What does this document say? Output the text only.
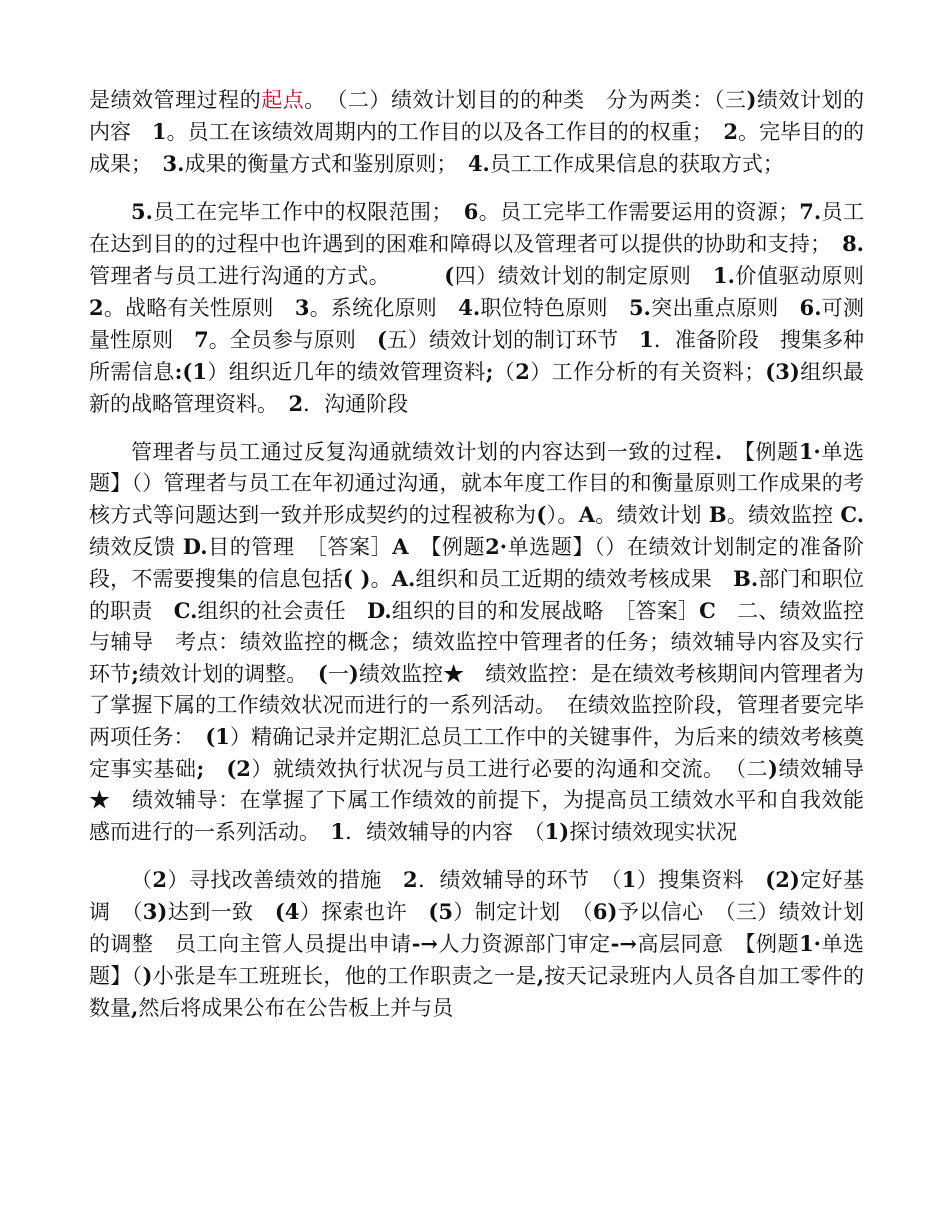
是绩效管理过程的起点。　（二）绩效计划目的的种类　分为两类：（三)绩效计划的内容　1。员工在该绩效周期内的工作目的以及各工作目的的权重；　2。完毕目的的成果；　3.成果的衡量方式和鉴别原则；　4.员工工作成果信息的获取方式；

5.员工在完毕工作中的权限范围；　6。员工完毕工作需要运用的资源；7.员工在达到目的的过程中也许遇到的困难和障碍以及管理者可以提供的协助和支持；　8.管理者与员工进行沟通的方式。　　　(四）绩效计划的制定原则　1.价值驱动原则　2。战略有关性原则　3。系统化原则　4.职位特色原则　5.突出重点原则　6.可测量性原则　7。全员参与原则　(五）绩效计划的制订环节　1．准备阶段　搜集多种所需信息:(1）组织近几年的绩效管理资料;（2）工作分析的有关资料；(3)组织最新的战略管理资料。　2．沟通阶段

管理者与员工通过反复沟通就绩效计划的内容达到一致的过程.　【例题1·单选题】（）管理者与员工在年初通过沟通，就本年度工作目的和衡量原则工作成果的考核方式等问题达到一致并形成契约的过程被称为(）。A。绩效计划 B。绩效监控 C.绩效反馈 D.目的管理　［答案］A　【例题2·单选题】（）在绩效计划制定的准备阶段，不需要搜集的信息包括( )。A.组织和员工近期的绩效考核成果　B.部门和职位的职责　C.组织的社会责任　D.组织的目的和发展战略　［答案］C　二、绩效监控与辅导　考点：绩效监控的概念；绩效监控中管理者的任务；绩效辅导内容及实行环节;绩效计划的调整。　(一)绩效监控★　绩效监控：是在绩效考核期间内管理者为了掌握下属的工作绩效状况而进行的一系列活动。　在绩效监控阶段，管理者要完毕两项任务：　(1）精确记录并定期汇总员工工作中的关键事件，为后来的绩效考核奠定事实基础;　 (2）就绩效执行状况与员工进行必要的沟通和交流。　（二)绩效辅导★　绩效辅导：在掌握了下属工作绩效的前提下，为提高员工绩效水平和自我效能感而进行的一系列活动。　1．绩效辅导的内容　（1)探讨绩效现实状况

（2）寻找改善绩效的措施　2．绩效辅导的环节　（1）搜集资料　(2)定好基调　（3)达到一致　(4）探索也许　(5）制定计划　（6)予以信心　（三）绩效计划的调整　员工向主管人员提出申请-→人力资源部门审定-→高层同意　【例题1·单选题】（)小张是车工班班长，他的工作职责之一是,按天记录班内人员各自加工零件的数量,然后将成果公布在公告板上并与员
